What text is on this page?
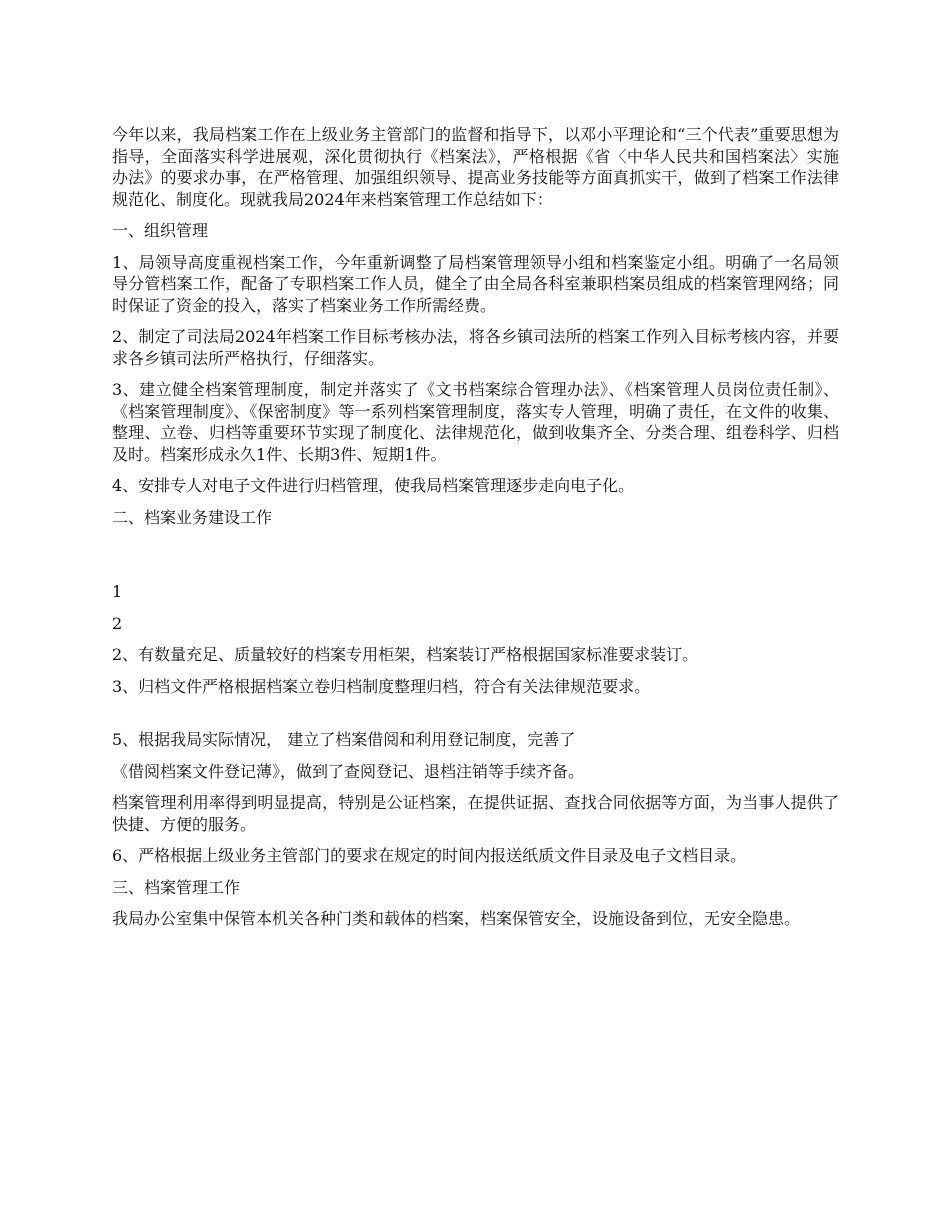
今年以来，我局档案工作在上级业务主管部门的监督和指导下，以邓小平理论和“三个代表”重要思想为指导，全面落实科学进展观，深化贯彻执行《档案法》，严格根据《省〈中华人民共和国档案法〉实施办法》的要求办事，在严格管理、加强组织领导、提高业务技能等方面真抓实干，做到了档案工作法律规范化、制度化。现就我局2024年来档案管理工作总结如下：

一、组织管理

1、局领导高度重视档案工作，今年重新调整了局档案管理领导小组和档案鉴定小组。明确了一名局领导分管档案工作，配备了专职档案工作人员，健全了由全局各科室兼职档案员组成的档案管理网络；同时保证了资金的投入，落实了档案业务工作所需经费。

2、制定了司法局2024年档案工作目标考核办法，将各乡镇司法所的档案工作列入目标考核内容，并要求各乡镇司法所严格执行，仔细落实。

3、建立健全档案管理制度，制定并落实了《文书档案综合管理办法》、《档案管理人员岗位责任制》、《档案管理制度》、《保密制度》等一系列档案管理制度，落实专人管理，明确了责任，在文件的收集、整理、立卷、归档等重要环节实现了制度化、法律规范化，做到收集齐全、分类合理、组卷科学、归档及时。档案形成永久1件、长期3件、短期1件。

4、安排专人对电子文件进行归档管理，使我局档案管理逐步走向电子化。

二、档案业务建设工作

1

2

2、有数量充足、质量较好的档案专用柜架，档案装订严格根据国家标准要求装订。

3、归档文件严格根据档案立卷归档制度整理归档，符合有关法律规范要求。

5、根据我局实际情况， 建立了档案借阅和利用登记制度，完善了

《借阅档案文件登记薄》，做到了查阅登记、退档注销等手续齐备。

档案管理利用率得到明显提高，特别是公证档案，在提供证据、查找合同依据等方面，为当事人提供了快捷、方便的服务。

6、严格根据上级业务主管部门的要求在规定的时间内报送纸质文件目录及电子文档目录。

三、档案管理工作

我局办公室集中保管本机关各种门类和载体的档案，档案保管安全，设施设备到位，无安全隐患。
